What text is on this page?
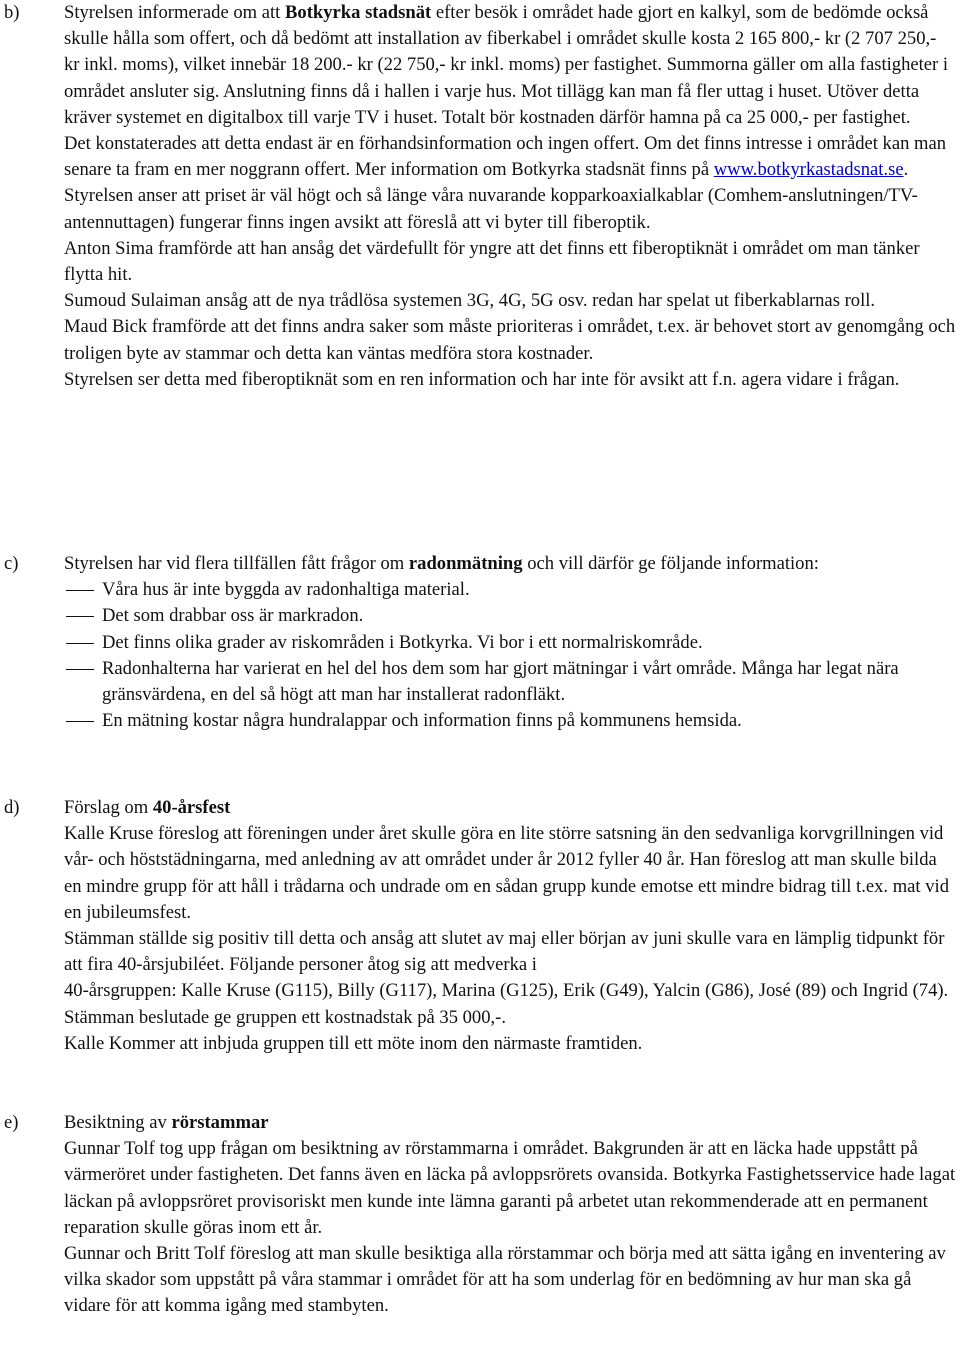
b) Styrelsen informerade om att Botkyrka stadsnät efter besök i området hade gjort en kalkyl, som de bedömde också skulle hålla som offert, och då bedömt att installation av fiberkabel i området skulle kosta 2 165 800,- kr (2 707 250,- kr inkl. moms), vilket innebär 18 200.- kr (22 750,- kr inkl. moms) per fastighet. Summorna gäller om alla fastigheter i området ansluter sig. Anslutning finns då i hallen i varje hus. Mot tillägg kan man få fler uttag i huset. Utöver detta kräver systemet en digitalbox till varje TV i huset. Totalt bör kostnaden därför hamna på ca 25 000,- per fastighet.

Det konstaterades att detta endast är en förhandsinformation och ingen offert. Om det finns intresse i området kan man senare ta fram en mer noggrann offert. Mer information om Botkyrka stadsnät finns på www.botkyrkastadsnat.se.

Styrelsen anser att priset är väl högt och så länge våra nuvarande kopparkoaxialkablar (Comhem-anslutningen/TV-antennuttagen) fungerar finns ingen avsikt att föreslå att vi byter till fiberoptik.

Anton Sima framförde att han ansåg det värdefullt för yngre att det finns ett fiberoptiknät i området om man tänker flytta hit.

Sumoud Sulaiman ansåg att de nya trådlösa systemen 3G, 4G, 5G osv. redan har spelat ut fiberkablarnas roll.

Maud Bick framförde att det finns andra saker som måste prioriteras i området, t.ex. är behovet stort av genomgång och troligen byte av stammar och detta kan väntas medföra stora kostnader.

Styrelsen ser detta med fiberoptiknät som en ren information och har inte för avsikt att f.n. agera vidare i frågan.

c) Styrelsen har vid flera tillfällen fått frågor om radonmätning och vill därför ge följande information:

Våra hus är inte byggda av radonhaltiga material.
Det som drabbar oss är markradon.
Det finns olika grader av riskområden i Botkyrka. Vi bor i ett normalriskområde.
Radonhalterna har varierat en hel del hos dem som har gjort mätningar i vårt område. Många har legat nära gränsvärdena, en del så högt att man har installerat radonfläkt.
En mätning kostar några hundralappar och information finns på kommunens hemsida.
d) Förslag om 40-årsfest

Kalle Kruse föreslog att föreningen under året skulle göra en lite större satsning än den sedvanliga korvgrillningen vid vår- och höststädningarna, med anledning av att området under år 2012 fyller 40 år. Han föreslog att man skulle bilda en mindre grupp för att håll i trådarna och undrade om en sådan grupp kunde emotse ett mindre bidrag till t.ex. mat vid en jubileumsfest.

Stämman ställde sig positiv till detta och ansåg att slutet av maj eller början av juni skulle vara en lämplig tidpunkt för att fira 40-årsjubiléet. Följande personer åtog sig att medverka i

40-årsgruppen: Kalle Kruse (G115), Billy (G117), Marina (G125), Erik (G49), Yalcin (G86), José (89) och Ingrid (74).

Stämman beslutade ge gruppen ett kostnadstak på 35 000,-.

Kalle Kommer att inbjuda gruppen till ett möte inom den närmaste framtiden.

e) Besiktning av rörstammar

Gunnar Tolf tog upp frågan om besiktning av rörstammarna i området. Bakgrunden är att en läcka hade uppstått på värmeröret under fastigheten. Det fanns även en läcka på avloppsrörets ovansida. Botkyrka Fastighetsservice hade lagat läckan på avloppsröret provisoriskt men kunde inte lämna garanti på arbetet utan rekommenderade att en permanent reparation skulle göras inom ett år.

Gunnar och Britt Tolf föreslog att man skulle besiktiga alla rörstammar och börja med att sätta igång en inventering av vilka skador som uppstått på våra stammar i området för att ha som underlag för en bedömning av hur man ska gå vidare för att komma igång med stambyten.
